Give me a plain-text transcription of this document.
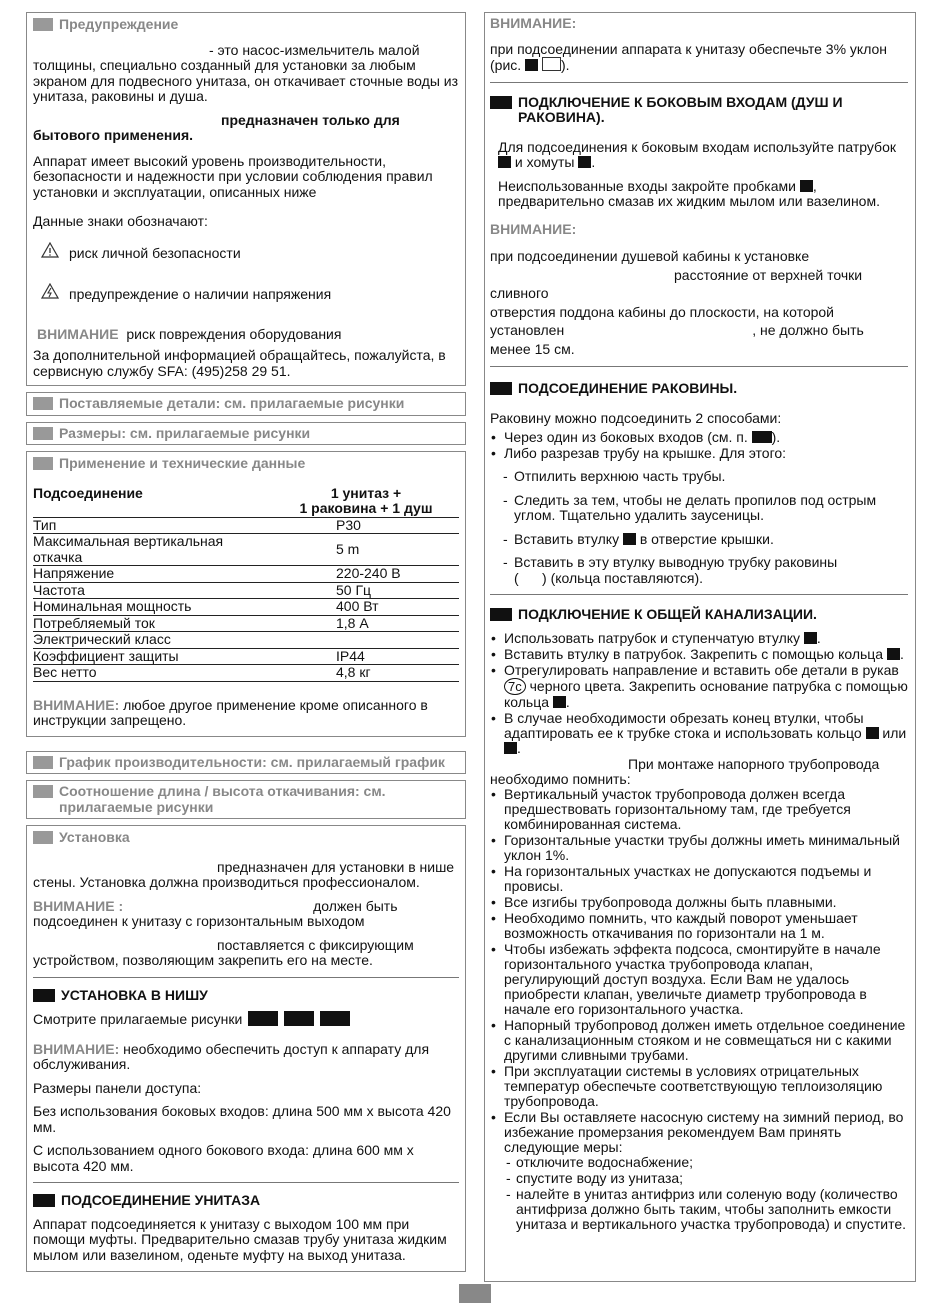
Предупреждение

- это насос-измельчитель малой толщины, специально созданный для установки за любым экраном для подвесного унитаза, он откачивает сточные воды из унитаза, раковины и душа.

предназначен только для
бытового применения.

Аппарат имеет высокий уровень производительности, безопасности и надежности при условии соблюдения правил установки и эксплуатации, описанных ниже

Данные знаки обозначают:

риск личной безопасности
предупреждение о наличии напряжения
ВНИМАНИЕ риск повреждения оборудования

За дополнительной информацией обращайтесь, пожалуйста, в сервисную службу SFA: (495)258 29 51.

Поставляемые детали: см. прилагаемые рисунки
Размеры: см. прилагаемые рисунки
Применение и технические данные
Подсоединение	1 унитаз +
1 раковина + 1 душ
Тип	P30
Максимальная вертикальная откачка	5 m
Напряжение	220-240 В
Частота	50 Гц
Номинальная мощность	400 Вт
Потребляемый ток	1,8 А
Электрический класс	
Коэффициент защиты	IP44
Вес нетто	4,8 кг

ВНИМАНИЕ: любое другое применение кроме описанного в инструкции запрещено.

График производительности: см. прилагаемый график
Соотношение длина / высота откачивания: см. прилагаемые рисунки
Установка

предназначен для установки в нише стены. Установка должна производиться профессионалом.

ВНИМАНИЕ :	должен быть
подсоединен к унитазу с горизонтальным выходом

поставляется с фиксирующим
устройством, позволяющим закрепить его на месте.

УСТАНОВКА В НИШУ

Смотрите прилагаемые рисунки

ВНИМАНИЕ: необходимо обеспечить доступ к аппарату для обслуживания.

Размеры панели доступа:

Без использования боковых входов: длина 500 мм х высота 420 мм.

С использованием одного бокового входа: длина 600 мм х высота 420 мм.

ПОДСОЕДИНЕНИЕ УНИТАЗА

Аппарат подсоединяется к унитазу с выходом 100 мм при помощи муфты. Предварительно смазав трубу унитаза жидким мылом или вазелином, оденьте муфту на выход унитаза.

ВНИМАНИЕ:

при подсоединении аппарата к унитазу обеспечьте 3% уклон (рис.	).

ПОДКЛЮЧЕНИЕ К БОКОВЫМ ВХОДАМ (ДУШ И РАКОВИНА).

Для подсоединения к боковым входам используйте патрубок  и хомуты .

Неиспользованные входы закройте пробками , предварительно смазав их жидким мылом или вазелином.

ВНИМАНИЕ:
при подсоединении душевой кабины к установке
расстояние от верхней точки
сливного
отверстия поддона кабины до плоскости, на которой
установлен	, не должно быть
менее 15 см.
ПОДСОЕДИНЕНИЕ РАКОВИНЫ.
Раковину можно подсоединить 2 способами:
• Через один из боковых входов (см. п. ).
• Либо разрезав трубу на крышке. Для этого:
- Отпилить верхнюю часть трубы.
- Следить за тем, чтобы не делать пропилов под острым углом. Тщательно удалить заусеницы.
- Вставить втулку в отверстие крышки.
- Вставить в эту втулку выводную трубку раковины
(      ) (кольца поставляются).
ПОДКЛЮЧЕНИЕ К ОБЩЕЙ КАНАЛИЗАЦИИ.
• Использовать патрубок и ступенчатую втулку .
• Вставить втулку в патрубок. Закрепить с помощью кольца .
• Отрегулировать направление и вставить обе детали в рукав 7c черного цвета. Закрепить основание патрубка с помощью кольца .
• В случае необходимости обрезать конец втулки, чтобы адаптировать ее к трубке стока и использовать кольцо или .
При монтаже напорного трубопровода
необходимо помнить:
• Вертикальный участок трубопровода должен всегда предшествовать горизонтальному там, где требуется комбинированная система.
• Горизонтальные участки трубы должны иметь минимальный уклон 1%.
• На горизонтальных участках не допускаются подъемы и провисы.
• Все изгибы трубопровода должны быть плавными.
• Необходимо помнить, что каждый поворот уменьшает возможность откачивания по горизонтали на 1 м.
• Чтобы избежать эффекта подсоса, смонтируйте в начале горизонтального участка трубопровода клапан, регулирующий доступ воздуха. Если Вам не удалось приобрести клапан, увеличьте диаметр трубопровода в начале его горизонтального участка.
• Напорный трубопровод должен иметь отдельное соединение с канализационным стояком и не совмещаться ни с какими другими сливными трубами.
• При эксплуатации системы в условиях отрицательных температур обеспечьте соответствующую теплоизоляцию трубопровода.
• Если Вы оставляете насосную систему на зимний период, во избежание промерзания рекомендуем Вам принять следующие меры:
- отключите водоснабжение;
- спустите воду из унитаза;
- налейте в унитаз антифриз или соленую воду (количество антифриза должно быть таким, чтобы заполнить емкости унитаза и вертикального участка трубопровода) и спустите.
